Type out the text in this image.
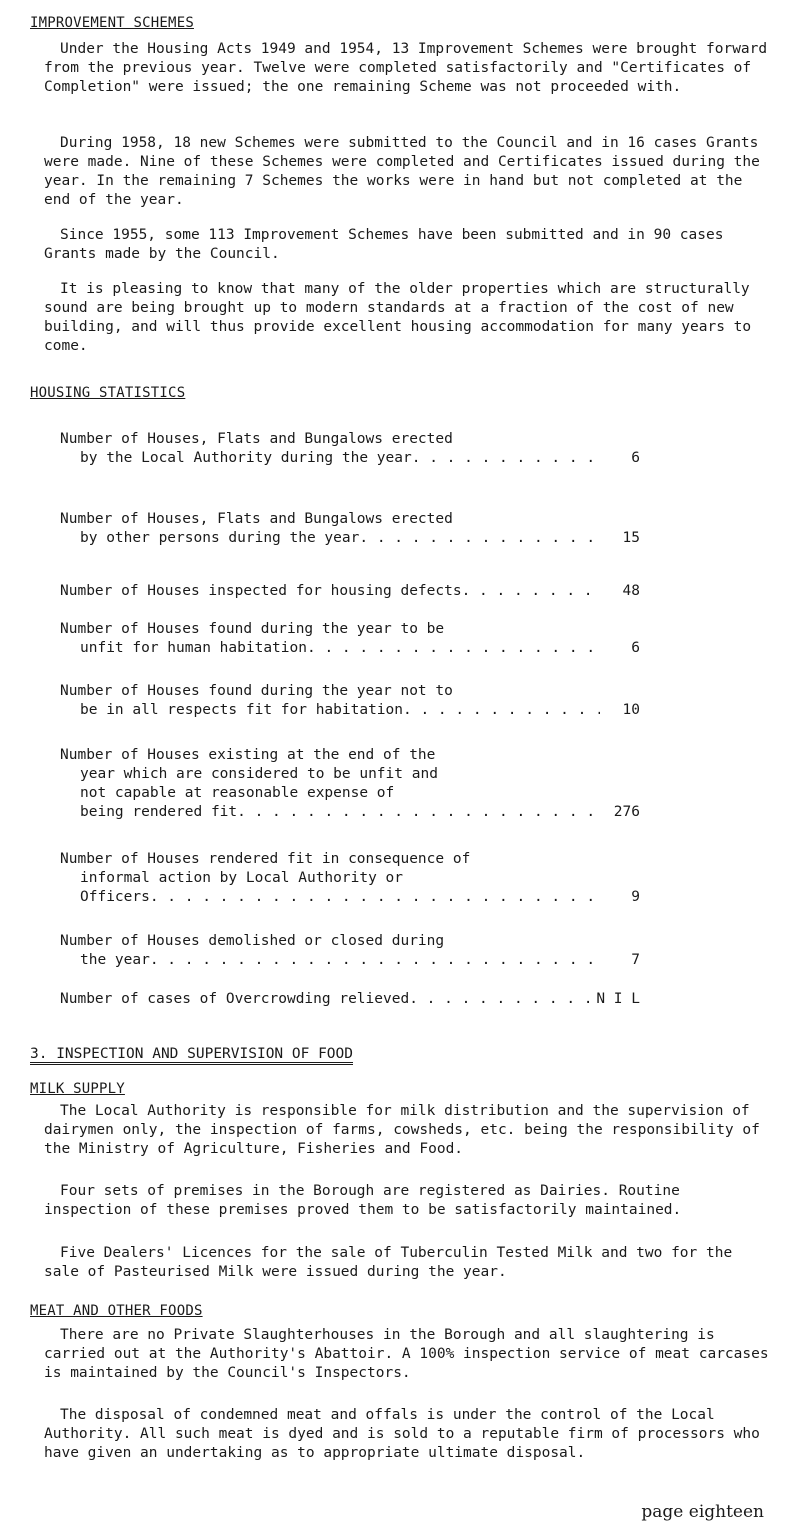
IMPROVEMENT SCHEMES

Under the Housing Acts 1949 and 1954, 13 Improvement Schemes were brought forward from the previous year. Twelve were completed satisfactorily and "Certificates of Completion" were issued; the one remaining Scheme was not proceeded with.

During 1958, 18 new Schemes were submitted to the Council and in 16 cases Grants were made. Nine of these Schemes were completed and Certificates issued during the year. In the remaining 7 Schemes the works were in hand but not completed at the end of the year.

Since 1955, some 113 Improvement Schemes have been submitted and in 90 cases Grants made by the Council.

It is pleasing to know that many of the older properties which are structurally sound are being brought up to modern standards at a fraction of the cost of new building, and will thus provide excellent housing accommodation for many years to come.

HOUSING STATISTICS
Number of Houses, Flats and Bungalows erected
by the Local Authority during the year . . .	6
Number of Houses, Flats and Bungalows erected
by other persons during the year . . .	15
Number of Houses inspected for housing defects . . .	48
Number of Houses found during the year to be
unfit for human habitation . . .	6
Number of Houses found during the year not to
be in all respects fit for habitation . . .	10
Number of Houses existing at the end of the
year which are considered to be unfit and
not capable at reasonable expense of
being rendered fit . . .	276
Number of Houses rendered fit in consequence of
informal action by Local Authority or
Officers . . .	9
Number of Houses demolished or closed during
the year . . .	7
Number of cases of Overcrowding relieved . . .	N I L
3. INSPECTION AND SUPERVISION OF FOOD
MILK SUPPLY

The Local Authority is responsible for milk distribution and the supervision of dairymen only, the inspection of farms, cowsheds, etc. being the responsibility of the Ministry of Agriculture, Fisheries and Food.

Four sets of premises in the Borough are registered as Dairies. Routine inspection of these premises proved them to be satisfactorily maintained.

Five Dealers' Licences for the sale of Tuberculin Tested Milk and two for the sale of Pasteurised Milk were issued during the year.

MEAT AND OTHER FOODS

There are no Private Slaughterhouses in the Borough and all slaughtering is carried out at the Authority's Abattoir. A 100% inspection service of meat carcases is maintained by the Council's Inspectors.

The disposal of condemned meat and offals is under the control of the Local Authority. All such meat is dyed and is sold to a reputable firm of processors who have given an undertaking as to appropriate ultimate disposal.

page eighteen
